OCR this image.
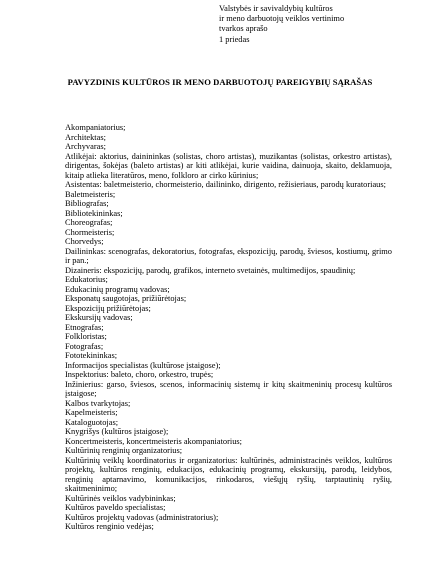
Valstybės ir savivaldybių kultūros
ir meno darbuotojų veiklos vertinimo
tvarkos aprašo
1 priedas
PAVYZDINIS KULTŪROS IR MENO DARBUOTOJŲ PAREIGYBIŲ SĄRAŠAS
Akompaniatorius;
Architektas;
Archyvaras;
Atlikėjai: aktorius, dainininkas (solistas, choro artistas), muzikantas (solistas, orkestro artistas), dirigentas, šokėjas (baleto artistas) ar kiti atlikėjai, kurie vaidina, dainuoja, skaito, deklamuoja, kitaip atlieka literatūros, meno, folkloro ar cirko kūrinius;
Asistentas: baletmeisterio, chormeisterio, dailininko, dirigento, režisieriaus, parodų kuratoriaus;
Baletmeisteris;
Bibliografas;
Bibliotekininkas;
Choreografas;
Chormeisteris;
Chorvedys;
Dailininkas: scenografas, dekoratorius, fotografas, ekspozicijų, parodų, šviesos, kostiumų, grimo ir pan.;
Dizaineris: ekspozicijų, parodų, grafikos, interneto svetainės, multimedijos, spaudinių;
Edukatorius;
Edukacinių programų vadovas;
Eksponatų saugotojas, prižiūrėtojas;
Ekspozicijų prižiūrėtojas;
Ekskursijų vadovas;
Etnografas;
Folkloristas;
Fotografas;
Fototekininkas;
Informacijos specialistas (kultūrose įstaigose);
Inspektorius: baleto, choro, orkestro, trupės;
Inžinierius: garso, šviesos, scenos, informacinių sistemų ir kitų skaitmeninių procesų kultūros įstaigose;
Kalbos tvarkytojas;
Kapelmeisteris;
Kataloguotojas;
Knygrišys (kultūros įstaigose);
Koncertmeisteris, koncertmeisteris akompaniatorius;
Kultūrinių renginių organizatorius;
Kultūrinių veiklų koordinatorius ir organizatorius: kultūrinės, administracinės veiklos, kultūros projektų, kultūros renginių, edukacijos, edukacinių programų, ekskursijų, parodų, leidybos, renginių aptarnavimo, komunikacijos, rinkodaros, viešųjų ryšių, tarptautinių ryšių, skaitmeninimo;
Kultūrinės veiklos vadybininkas;
Kultūros paveldo specialistas;
Kultūros projektų vadovas (administratorius);
Kultūros renginio vedėjas;
